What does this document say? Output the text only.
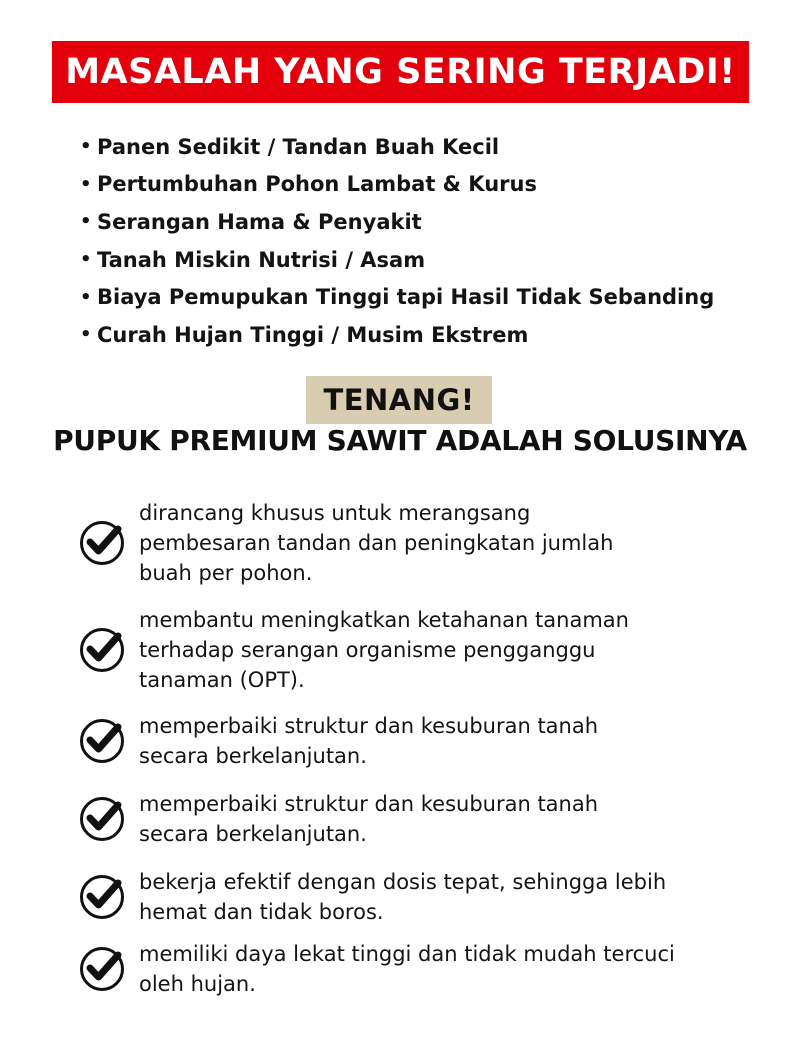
MASALAH YANG SERING TERJADI!
• Panen Sedikit / Tandan Buah Kecil
• Pertumbuhan Pohon Lambat & Kurus
• Serangan Hama & Penyakit
• Tanah Miskin Nutrisi / Asam
• Biaya Pemupukan Tinggi tapi Hasil Tidak Sebanding
• Curah Hujan Tinggi / Musim Ekstrem
TENANG!
PUPUK PREMIUM SAWIT ADALAH SOLUSINYA
dirancang khusus untuk merangsang
pembesaran tandan dan peningkatan jumlah
buah per pohon.
membantu meningkatkan ketahanan tanaman
terhadap serangan organisme pengganggu
tanaman (OPT).
memperbaiki struktur dan kesuburan tanah
secara berkelanjutan.
memperbaiki struktur dan kesuburan tanah
secara berkelanjutan.
bekerja efektif dengan dosis tepat, sehingga lebih
hemat dan tidak boros.
memiliki daya lekat tinggi dan tidak mudah tercuci
oleh hujan.
